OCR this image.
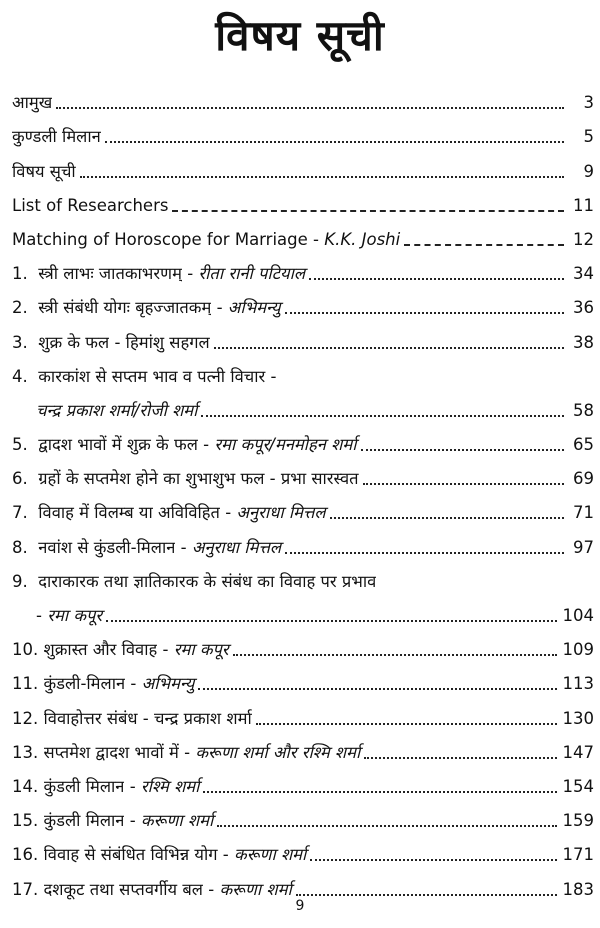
विषय सूची
आमुख	3
कुण्डली मिलान	5
विषय सूची	9
List of Researchers	11
Matching of Horoscope for Marriage - K.K. Joshi	12
1. स्त्री लाभः जातकाभरणम् - रीता रानी पटियाल	34
2. स्त्री संबंधी योगः बृहज्जातकम् - अभिमन्यु	36
3. शुक्र के फल - हिमांशु सहगल	38
4. कारकांश से सप्तम भाव व पत्नी विचार -
चन्द्र प्रकाश शर्मा/रोजी शर्मा	58
5. द्वादश भावों में शुक्र के फल - रमा कपूर/मनमोहन शर्मा	65
6. ग्रहों के सप्तमेश होने का शुभाशुभ फल - प्रभा सारस्वत	69
7. विवाह में विलम्ब या अविविहित - अनुराधा मित्तल	71
8. नवांश से कुंडली-मिलान - अनुराधा मित्तल	97
9. दाराकारक तथा ज्ञातिकारक के संबंध का विवाह पर प्रभाव
- रमा कपूर	104
10. शुक्रास्त और विवाह - रमा कपूर	109
11. कुंडली-मिलान - अभिमन्यु	113
12. विवाहोत्तर संबंध - चन्द्र प्रकाश शर्मा	130
13. सप्तमेश द्वादश भावों में - करूणा शर्मा और रश्मि शर्मा	147
14. कुंडली मिलान - रश्मि शर्मा	154
15. कुंडली मिलान - करूणा शर्मा	159
16. विवाह से संबंधित विभिन्न योग - करूणा शर्मा	171
17. दशकूट तथा सप्तवर्गीय बल - करूणा शर्मा	183
9
